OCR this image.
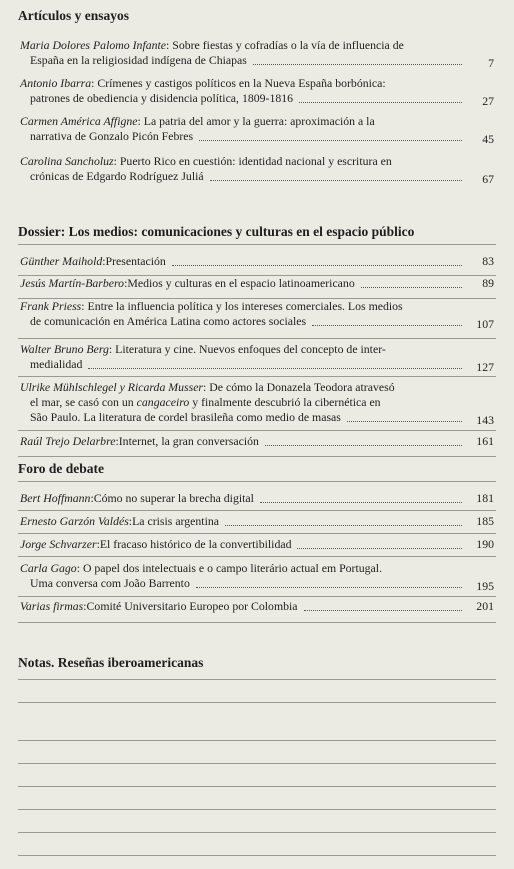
Artículos y ensayos
Maria Dolores Palomo Infante: Sobre fiestas y cofradías o la vía de influencia de
España en la religiosidad indígena de Chiapas	7
Antonio Ibarra: Crímenes y castigos políticos en la Nueva España borbónica:
patrones de obediencia y disidencia política, 1809-1816	27
Carmen América Affigne: La patria del amor y la guerra: aproximación a la
narrativa de Gonzalo Picón Febres	45
Carolina Sancholuz: Puerto Rico en cuestión: identidad nacional y escritura en
crónicas de Edgardo Rodríguez Juliá	67
Dossier: Los medios: comunicaciones y culturas en el espacio público
Günther Maihold : Presentación	83
Jesús Martín-Barbero : Medios y culturas en el espacio latinoamericano	89
Frank Priess: Entre la influencia política y los intereses comerciales. Los medios
de comunicación en América Latina como actores sociales	107
Walter Bruno Berg: Literatura y cine. Nuevos enfoques del concepto de inter-
medialidad	127
Ulrike Mühlschlegel y Ricarda Musser: De cómo la Donazela Teodora atravesó
el mar, se casó con un cangaceiro y finalmente descubrió la cibernética en
São Paulo. La literatura de cordel brasileña como medio de masas	143
Raúl Trejo Delarbre : Internet, la gran conversación	161
Foro de debate
Bert Hoffmann : Cómo no superar la brecha digital	181
Ernesto Garzón Valdés : La crisis argentina	185
Jorge Schvarzer : El fracaso histórico de la convertibilidad	190
Carla Gago: O papel dos intelectuais e o campo literário actual em Portugal.
Uma conversa com João Barrento	195
Varias firmas : Comité Universitario Europeo por Colombia	201
Notas. Reseñas iberoamericanas
